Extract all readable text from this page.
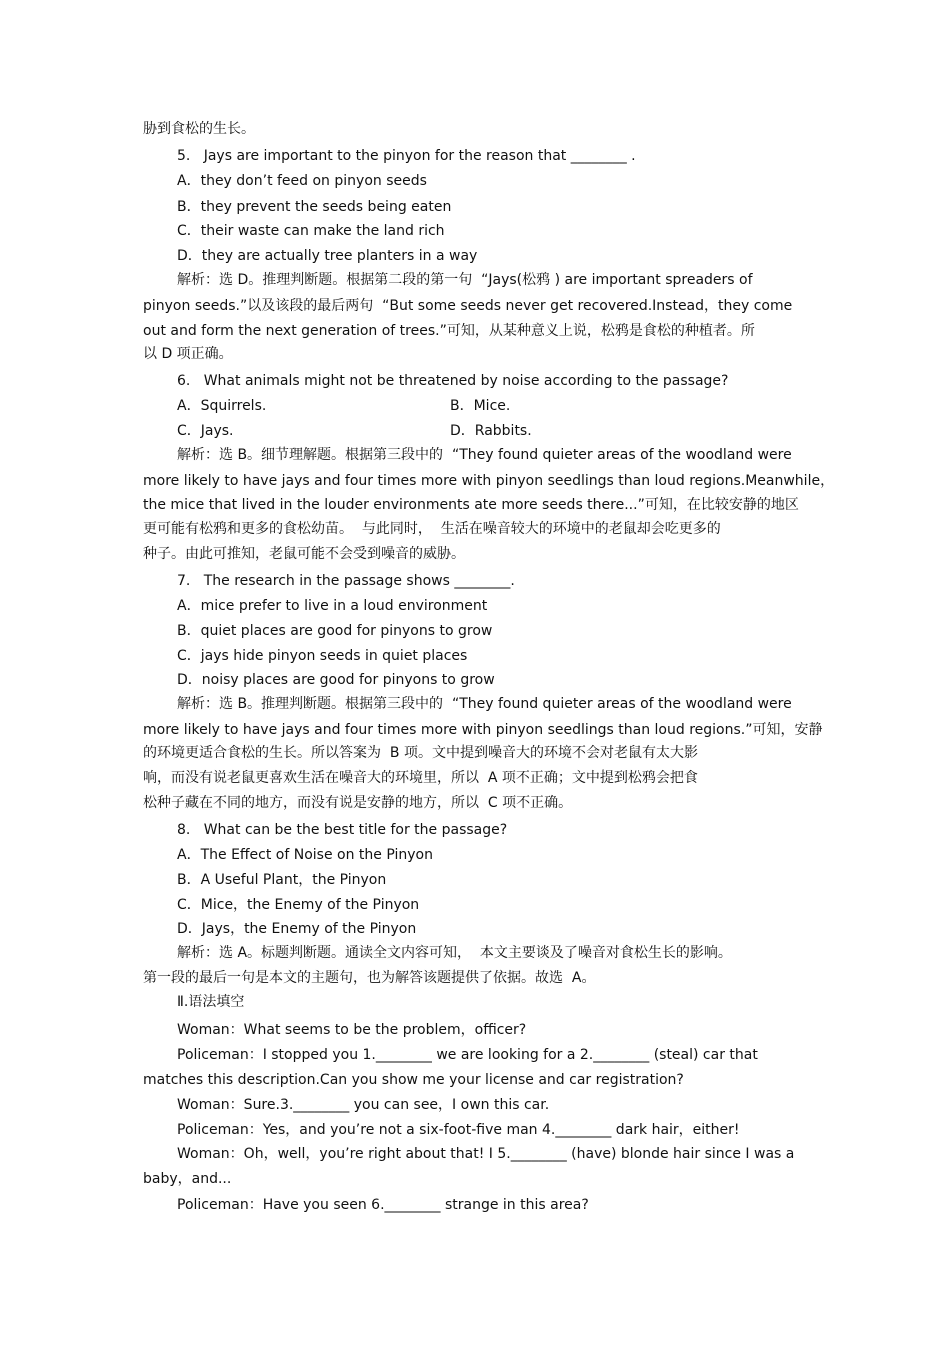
胁到食松的生长。
5.   Jays are important to the pinyon for the reason that ________ .
A．they don’t feed on pinyon seeds
B．they prevent the seeds being eaten
C．their waste can make the land rich
D．they are actually tree planters in a way
解析：选 D。推理判断题。根据第二段的第一句  “Jays(松鸦 ) are important spreaders of
pinyon seeds.”以及该段的最后两句  “But some seeds never get recovered.Instead，they come
out and form the next generation of trees.”可知，从某种意义上说，松鸦是食松的种植者。所
以 D 项正确。
6.   What animals might not be threatened by noise according to the passage?
A．Squirrels.	B．Mice.
C．Jays.	D．Rabbits.
解析：选 B。细节理解题。根据第三段中的  “They found quieter areas of the woodland were
more likely to have jays and four times more with pinyon seedlings than loud regions.Meanwhile，
the mice that lived in the louder environments ate more seeds there...”可知，在比较安静的地区
更可能有松鸦和更多的食松幼苗。  与此同时，  生活在噪音较大的环境中的老鼠却会吃更多的
种子。由此可推知，老鼠可能不会受到噪音的威胁。
7.   The research in the passage shows ________.
A．mice prefer to live in a loud environment
B．quiet places are good for pinyons to grow
C．jays hide pinyon seeds in quiet places
D．noisy places are good for pinyons to grow
解析：选 B。推理判断题。根据第三段中的  “They found quieter areas of the woodland were
more likely to have jays and four times more with pinyon seedlings than loud regions.”可知，安静
的环境更适合食松的生长。所以答案为  B 项。文中提到噪音大的环境不会对老鼠有太大影
响，而没有说老鼠更喜欢生活在噪音大的环境里，所以  A 项不正确；文中提到松鸦会把食
松种子藏在不同的地方，而没有说是安静的地方，所以  C 项不正确。
8.   What can be the best title for the passage?
A．The Effect of Noise on the Pinyon
B．A Useful Plant，the Pinyon
C．Mice，the Enemy of the Pinyon
D．Jays，the Enemy of the Pinyon
解析：选 A。标题判断题。通读全文内容可知，  本文主要谈及了噪音对食松生长的影响。
第一段的最后一句是本文的主题句，也为解答该题提供了依据。故选  A。
Ⅱ.语法填空
Woman：What seems to be the problem，officer?
Policeman：I stopped you 1.________ we are looking for a 2.________ (steal) car that
matches this description.Can you show me your license and car registration?
Woman：Sure.3.________ you can see，I own this car.
Policeman：Yes，and you’re not a six-foot-five man 4.________ dark hair，either!
Woman：Oh，well，you’re right about that! I 5.________ (have) blonde hair since I was a
baby，and...
Policeman：Have you seen 6.________ strange in this area?
